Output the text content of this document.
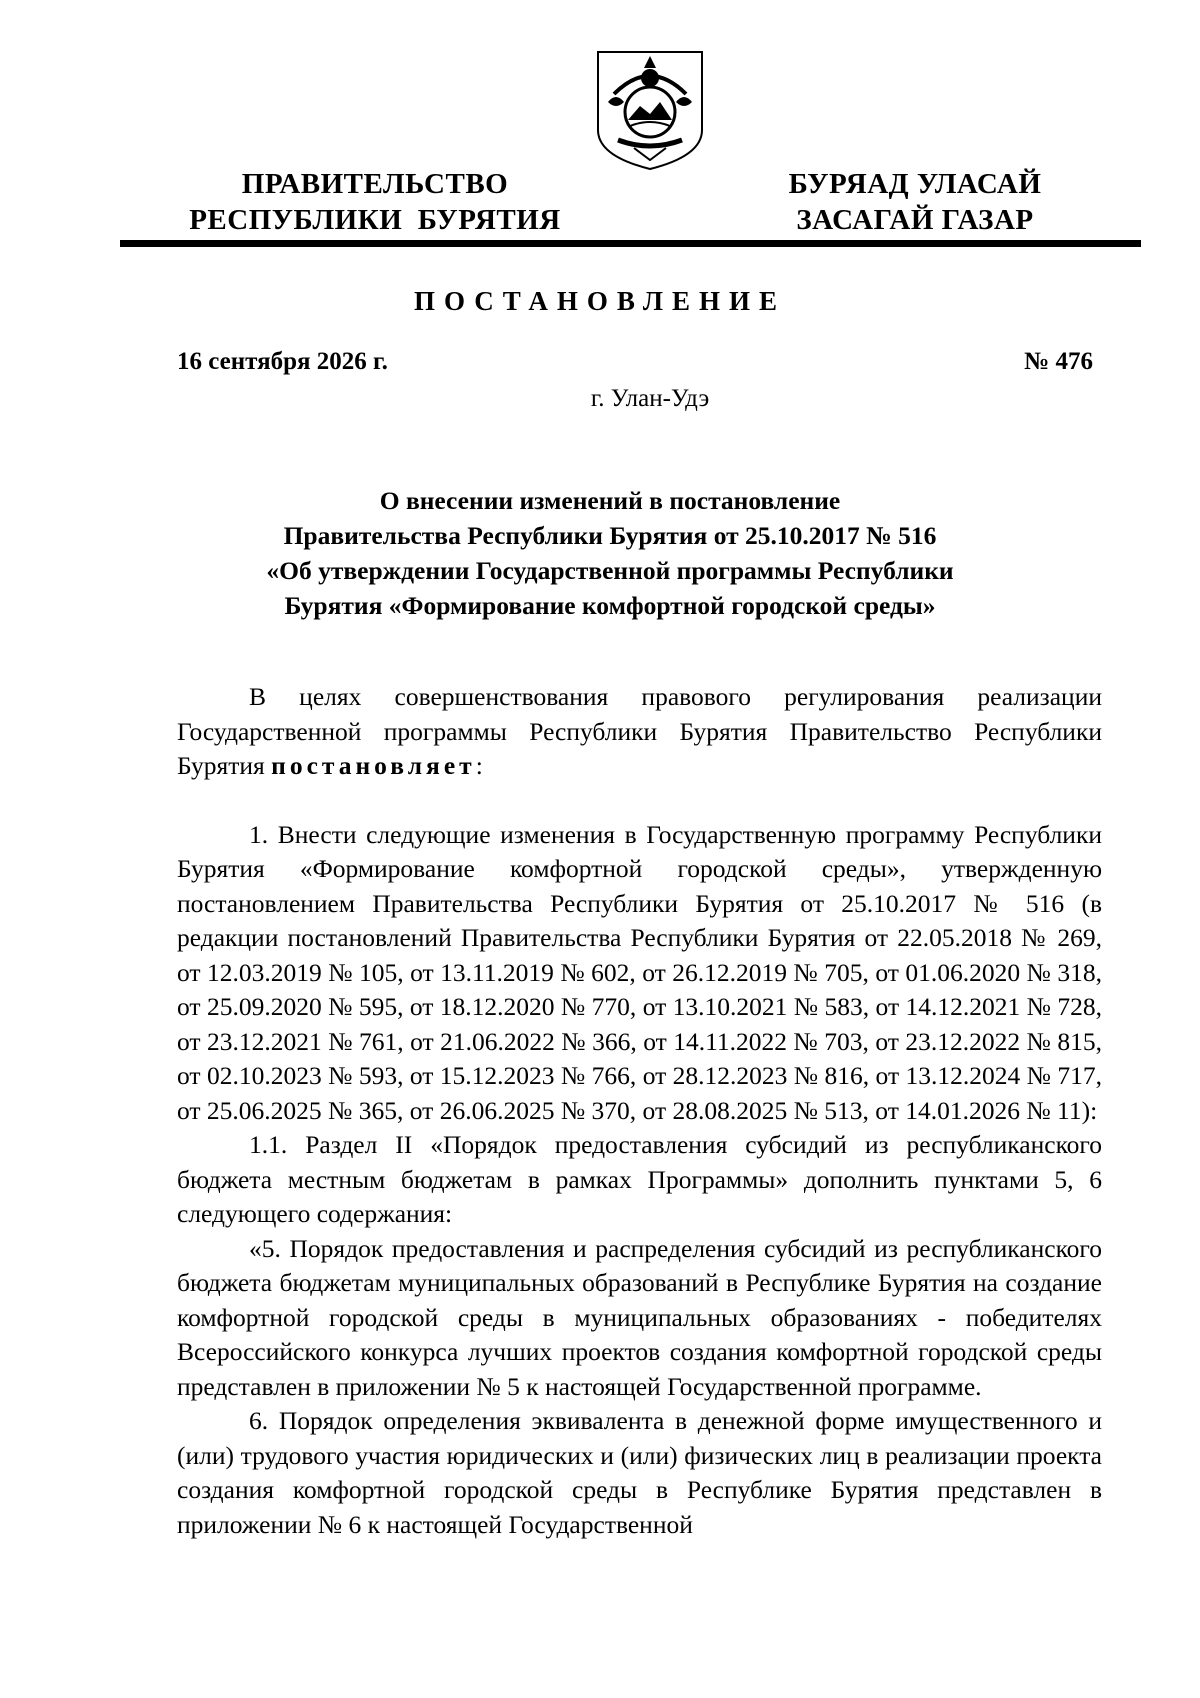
ПРАВИТЕЛЬСТВО
РЕСПУБЛИКИ  БУРЯТИЯ
БУРЯАД УЛАСАЙ
ЗАСАГАЙ ГАЗАР
ПОСТАНОВЛЕНИЕ
16 сентября 2026 г.	№ 476
г. Улан-Удэ
О внесении изменений в постановление
Правительства Республики Бурятия от 25.10.2017 № 516
«Об утверждении Государственной программы Республики
Бурятия «Формирование комфортной городской среды»

В целях совершенствования правового регулирования реализации Государственной программы Республики Бурятия Правительство Республики Бурятия постановляет:

1. Внести следующие изменения в Государственную программу Республики Бурятия «Формирование комфортной городской среды», утвержденную постановлением Правительства Республики Бурятия от 25.10.2017 № 516 (в редакции постановлений Правительства Республики Бурятия от 22.05.2018 № 269, от 12.03.2019 № 105, от 13.11.2019 № 602, от 26.12.2019 № 705, от 01.06.2020 № 318, от 25.09.2020 № 595, от 18.12.2020 № 770, от 13.10.2021 № 583, от 14.12.2021 № 728, от 23.12.2021 № 761, от 21.06.2022 № 366, от 14.11.2022 № 703, от 23.12.2022 № 815, от 02.10.2023 № 593, от 15.12.2023 № 766, от 28.12.2023 № 816, от 13.12.2024 № 717, от 25.06.2025 № 365, от 26.06.2025 № 370, от 28.08.2025 № 513, от 14.01.2026 № 11):

1.1. Раздел II «Порядок предоставления субсидий из республиканского бюджета местным бюджетам в рамках Программы» дополнить пунктами 5, 6 следующего содержания:

«5. Порядок предоставления и распределения субсидий из республиканского бюджета бюджетам муниципальных образований в Республике Бурятия на создание комфортной городской среды в муниципальных образованиях - победителях Всероссийского конкурса лучших проектов создания комфортной городской среды представлен в приложении № 5 к настоящей Государственной программе.

6. Порядок определения эквивалента в денежной форме имущественного и (или) трудового участия юридических и (или) физических лиц в реализации проекта создания комфортной городской среды в Республике Бурятия представлен в приложении № 6 к настоящей Государственной
